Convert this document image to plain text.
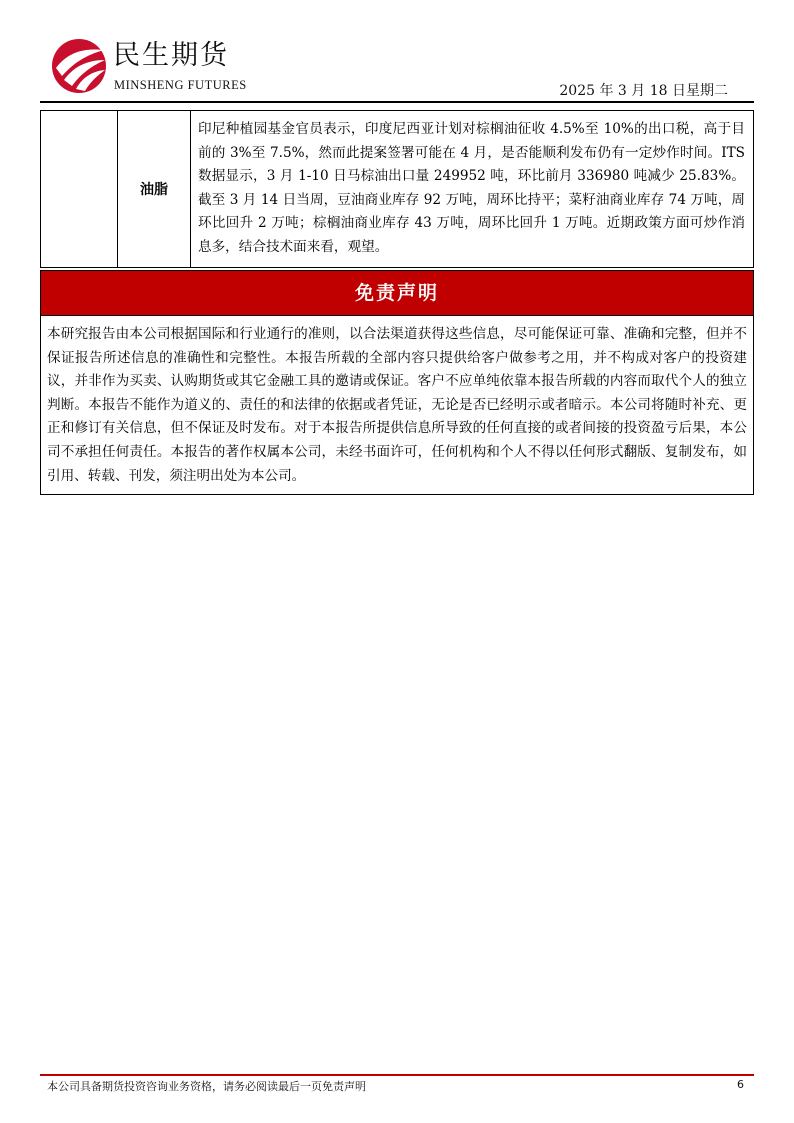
民生期货
MINSHENG FUTURES	2025 年 3 月 18 日星期二
	油脂	印尼种植园基金官员表示，印度尼西亚计划对棕榈油征收 4.5%至 10%的出口税，高于目前的 3%至 7.5%，然而此提案签署可能在 4 月，是否能顺利发布仍有一定炒作时间。ITS 数据显示，3 月 1-10 日马棕油出口量 249952 吨，环比前月 336980 吨减少 25.83%。截至 3 月 14 日当周，豆油商业库存 92 万吨，周环比持平；菜籽油商业库存 74 万吨，周环比回升 2 万吨；棕榈油商业库存 43 万吨，周环比回升 1 万吨。近期政策方面可炒作消息多，结合技术面来看，观望。
免责声明
本研究报告由本公司根据国际和行业通行的准则，以合法渠道获得这些信息，尽可能保证可靠、准确和完整，但并不保证报告所述信息的准确性和完整性。本报告所载的全部内容只提供给客户做参考之用，并不构成对客户的投资建议，并非作为买卖、认购期货或其它金融工具的邀请或保证。客户不应单纯依靠本报告所载的内容而取代个人的独立判断。本报告不能作为道义的、责任的和法律的依据或者凭证，无论是否已经明示或者暗示。本公司将随时补充、更正和修订有关信息，但不保证及时发布。对于本报告所提供信息所导致的任何直接的或者间接的投资盈亏后果，本公司不承担任何责任。本报告的著作权属本公司，未经书面许可，任何机构和个人不得以任何形式翻版、复制发布，如引用、转载、刊发，须注明出处为本公司。
本公司具备期货投资咨询业务资格，请务必阅读最后一页免责声明	6
